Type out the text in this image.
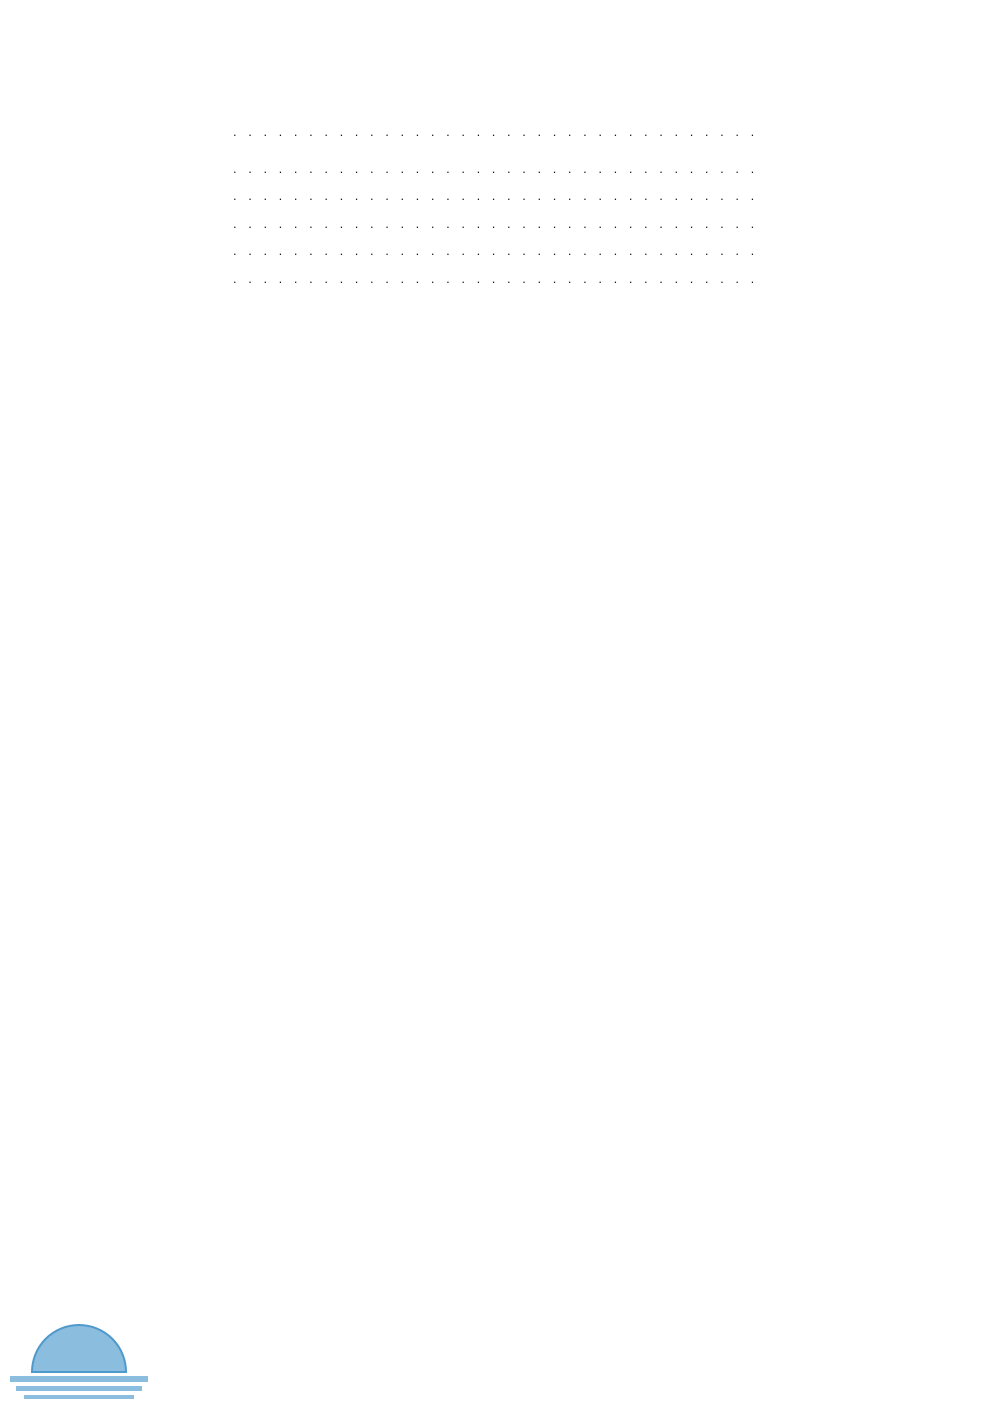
. . .
. . .
. . .
. . .
. . .
. . .
